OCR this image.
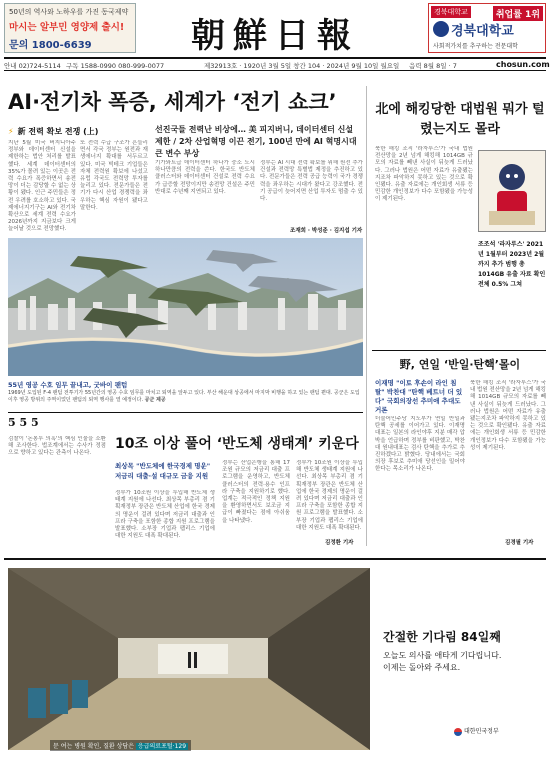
50년의 역사와 노하우를 가진 동국제약
마시는 알부민 영양제 출시!
문의 1800-6639	朝鮮日報
경북대학교	취업률 1위
경북대학교
사회적가치를 추구하는 전문대학
안내 02)724-5114 구독 1588-0990 080-999-0077	제32913호 · 1920년 3월 5일 창간 104 · 2024년 9월 10일 월요일 음력 8월 8일 · 7	chosun.com
AI·전기차 폭증, 세계가 ‘전기 쇼크’
⚡ 新 전력 확보 전쟁 (上)	선진국들 전력난 비상에… 美 피지버니, 데이터센터 신설 제한 / 2차 산업혁명 이끈 전기, 100년 만에 AI 혁명시대 큰 변수 부상
지난 5월 미국 버지니아주 정부와 데이터센터 신설을 제한하는 법안 처리를 발표했다. 세계 데이터센터의 35%가 몰려 있는 이곳은 전력 수요가 폭증하면서 송전망이 더는 감당할 수 없는 상황이 됐다. 인근 주민들은 정전 우려를 호소하고 있다. 국제에너지기구는 AI와 전기차 확산으로 세계 전력 수요가 2026년까지 지금보다 크게 늘어날 것으로 전망했다.
또 전력 수급 구조가 흔들리면서 각국 정부는 원전과 재생에너지 확대를 서두르고 있다. 미국 빅테크 기업들은 자체 전력원 확보에 나섰고 유럽 각국도 전력망 투자를 늘리고 있다. 전문가들은 전기가 다시 산업 경쟁력을 좌우하는 핵심 자원이 됐다고 말한다.
기가와트급 데이터센터 하나가 중소 도시 하나만큼의 전력을 쓴다. 한국도 반도체 클러스터와 데이터센터 건설로 전력 수요가 급증할 전망이지만 송전망 건설은 주민 반대로 수년째 지연되고 있다.
정부는 AI 시대 전력 확보를 위해 원전 추가 건설과 전력망 특별법 제정을 추진하고 있다. 전문가들은 전력 공급 능력이 국가 경쟁력을 좌우하는 시대가 왔다고 강조했다. 전기 공급이 늦어지면 산업 투자도 멈출 수 있다.
조재희 · 박성준 · 김지섭 기자
55년 영공 수호 임무 끝내고, 굿바이 팬텀
1969년 도입된 F-4 팬텀 전투기가 55년간의 영공 수호 임무를 마치고 퇴역을 앞두고 있다. 부산 해운대 상공에서 마지막 비행을 하고 있는 팬텀 편대. 공군은 도입 이후 영공 방위의 주역이었던 팬텀의 퇴역 행사를 열 예정이다. 공군 제공
北에 해킹당한 대법원 뭐가 털렸는지도 몰라
북한 해킹 조직 '라자루스'가 국내 법원 전산망을 2년 넘게 해킹해 1014GB 규모의 자료를 빼낸 사실이 뒤늦게 드러났다. 그러나 법원은 어떤 자료가 유출됐는지조차 파악하지 못하고 있는 것으로 확인됐다. 유출 자료에는 개인회생 서류 등 민감한 개인정보가 다수 포함됐을 가능성이 제기된다.
조조석 '라자루스' 2021년 1월부터 2023년 2월까지 추가 범행 총 1014GB 유출 자료 확인 전체 0.5% 그쳐
野, 연일 ‘반일·탄핵’몰이
이재명 "이토 후손이 라인 침탈" 박찬대 "탄핵 베트너 더 있다" 국회의장선 추미애 추대도 거론
더불어민주당 지도부가 연일 반일과 탄핵 공세를 이어가고 있다. 이재명 대표는 일본의 라인야후 지분 매각 압박을 언급하며 정부를 비판했고, 박찬대 원내대표는 검사 탄핵을 추가로 추진하겠다고 밝혔다. 당내에서는 국회의장 후보로 추미애 당선인을 밀어야 한다는 목소리가 나온다.
북한 해킹 조직 '라자루스'가 국내 법원 전산망을 2년 넘게 해킹해 1014GB 규모의 자료를 빼낸 사실이 뒤늦게 드러났다. 그러나 법원은 어떤 자료가 유출됐는지조차 파악하지 못하고 있는 것으로 확인됐다. 유출 자료에는 개인회생 서류 등 민감한 개인정보가 다수 포함됐을 가능성이 제기된다.
김경필 기자
5 5 5
검찰이 '돈봉투 의혹'의 핵심 인물을 소환해 조사한다. 법조계에서는 수사가 정점으로 향하고 있다는 관측이 나온다.
10조 이상 풀어 ‘반도체 생태계’ 키운다
최상목 "반도체에 한국경제 명운" 저금리 대출·설 대규모 금융 지원
정부가 10조원 이상을 투입해 반도체 생태계 지원에 나선다. 최상목 부총리 겸 기획재정부 장관은 반도체 산업에 한국 경제의 명운이 걸려 있다며 저금리 대출과 인프라 구축을 포함한 종합 지원 프로그램을 발표했다. 소부장 기업과 팹리스 기업에 대한 지원도 대폭 확대된다.
정부는 산업은행을 통해 17조원 규모의 저금리 대출 프로그램을 운영하고, 반도체 클러스터의 전력·용수 인프라 구축을 지원하기로 했다. 업계는 적극적인 정책 지원을 환영하면서도 보조금 지급이 빠졌다는 점에 아쉬움을 나타냈다.
정부가 10조원 이상을 투입해 반도체 생태계 지원에 나선다. 최상목 부총리 겸 기획재정부 장관은 반도체 산업에 한국 경제의 명운이 걸려 있다며 저금리 대출과 인프라 구축을 포함한 종합 지원 프로그램을 발표했다. 소부장 기업과 팹리스 기업에 대한 지원도 대폭 확대된다.
김정환 기자
문 여는 병원 확인, 질환 상담은 응급의료포털·129
간절한 기다림 84일째
오늘도 의사를 애타게 기다립니다.
이제는 돌아와 주세요.
대한민국정부
